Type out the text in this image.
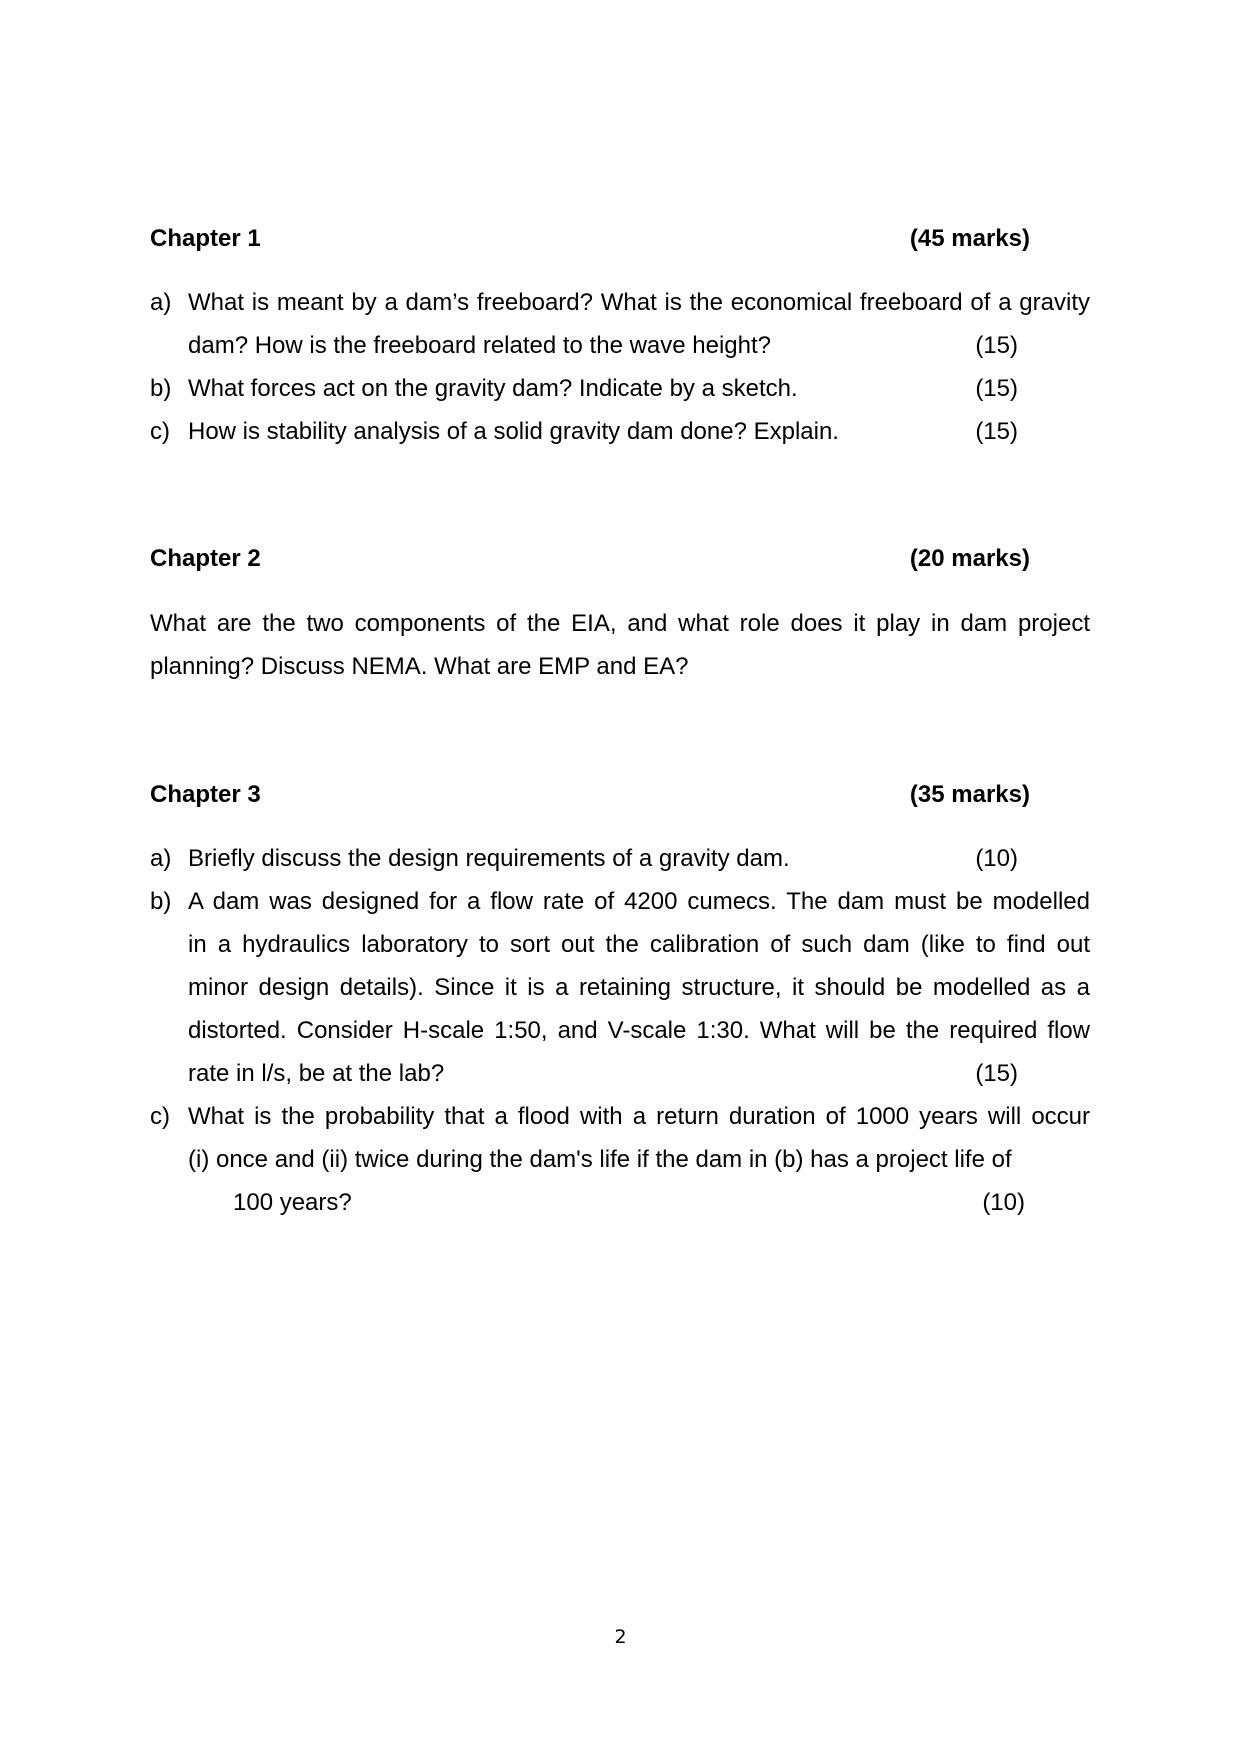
Chapter 1	(45 marks)
a) What is meant by a dam’s freeboard? What is the economical freeboard of a gravity
dam? How is the freeboard related to the wave height?	(15)
b) What forces act on the gravity dam? Indicate by a sketch.	(15)
c) How is stability analysis of a solid gravity dam done? Explain.	(15)
Chapter 2	(20 marks)
What are the two components of the EIA, and what role does it play in dam project
planning? Discuss NEMA. What are EMP and EA?
Chapter 3	(35 marks)
a) Briefly discuss the design requirements of a gravity dam.	(10)
b) A dam was designed for a flow rate of 4200 cumecs. The dam must be modelled
in a hydraulics laboratory to sort out the calibration of such dam (like to find out
minor design details). Since it is a retaining structure, it should be modelled as a
distorted. Consider H-scale 1:50, and V-scale 1:30. What will be the required flow
rate in l/s, be at the lab?	(15)
c) What is the probability that a flood with a return duration of 1000 years will occur
(i) once and (ii) twice during the dam's life if the dam in (b) has a project life of
100 years?	(10)
2
